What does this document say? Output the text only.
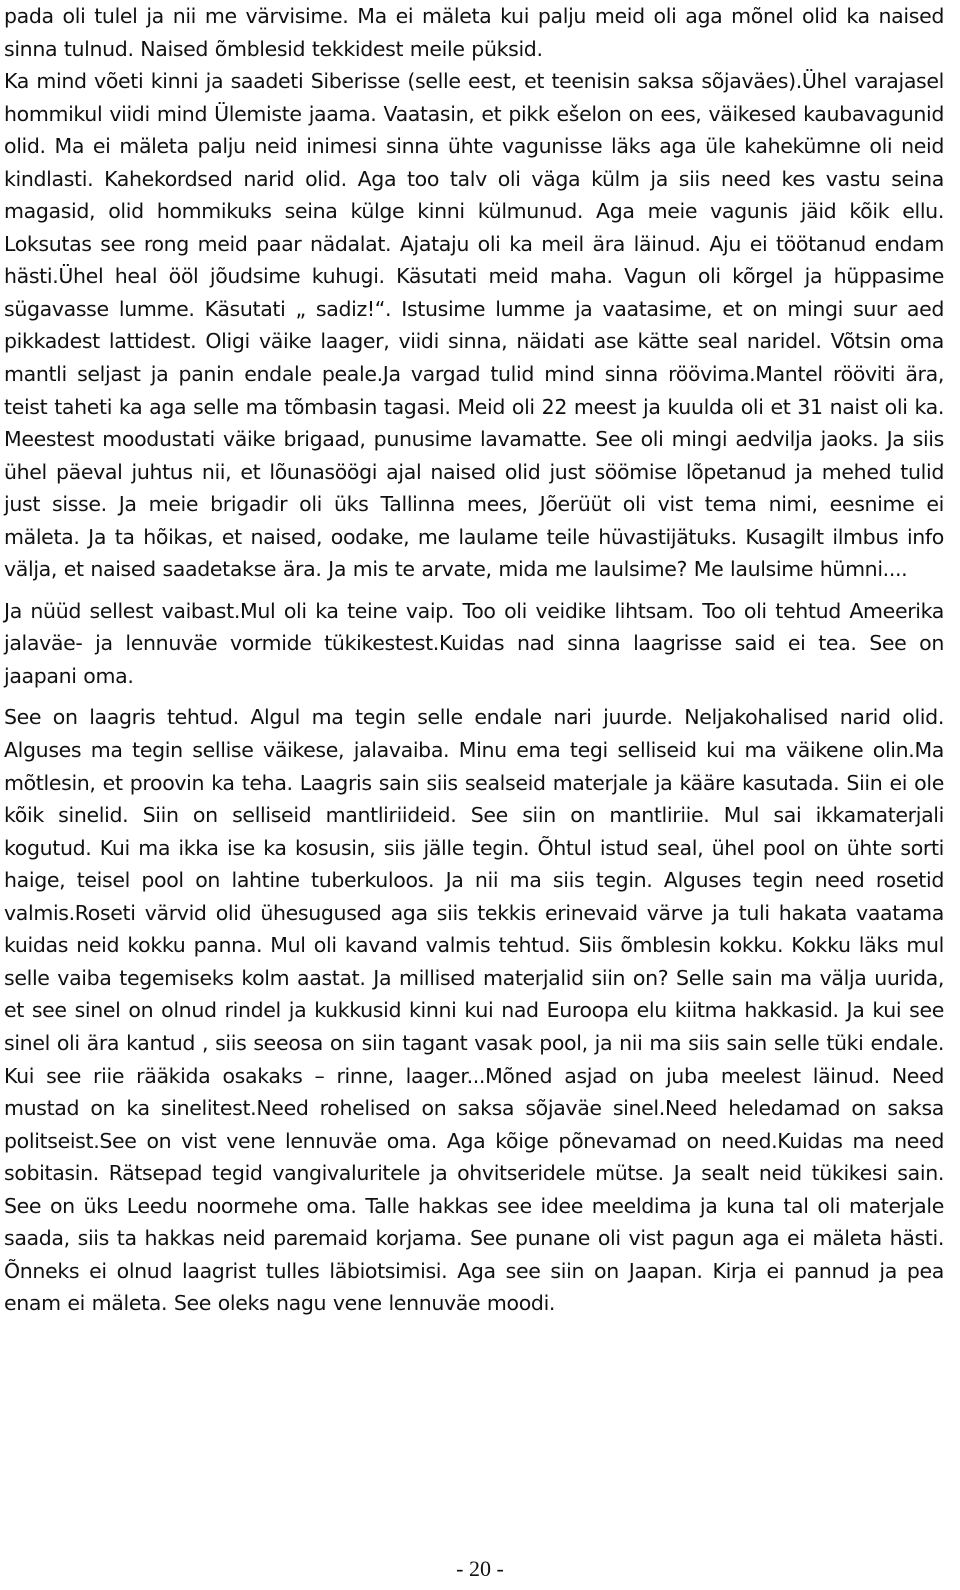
pada oli tulel ja nii me värvisime. Ma ei mäleta kui palju meid oli aga mõnel olid ka naised sinna tulnud. Naised õmblesid tekkidest meile püksid.

Ka mind võeti kinni ja saadeti Siberisse (selle eest, et teenisin saksa sõjaväes).Ühel varajasel hommikul viidi mind Ülemiste jaama. Vaatasin, et pikk ešelon on ees, väikesed kaubavagunid olid. Ma ei mäleta palju neid inimesi sinna ühte vagunisse läks aga üle kahekümne oli neid kindlasti. Kahekordsed narid olid. Aga too talv oli väga külm ja siis need kes vastu seina magasid, olid hommikuks seina külge kinni külmunud. Aga meie vagunis jäid kõik ellu. Loksutas see rong meid paar nädalat. Ajataju oli ka meil ära läinud. Aju ei töötanud endam hästi.Ühel heal ööl jõudsime kuhugi. Käsutati meid maha. Vagun oli kõrgel ja hüppasime sügavasse lumme. Käsutati „ sadiz!“. Istusime lumme ja vaatasime, et on mingi suur aed pikkadest lattidest. Oligi väike laager, viidi sinna, näidati ase kätte seal naridel. Võtsin oma mantli seljast ja panin endale peale.Ja vargad tulid mind sinna röövima.Mantel rööviti ära, teist taheti ka aga selle ma tõmbasin tagasi. Meid oli 22 meest ja kuulda oli et 31 naist oli ka. Meestest moodustati väike brigaad, punusime lavamatte. See oli mingi aedvilja jaoks. Ja siis ühel päeval juhtus nii, et lõunasöögi ajal naised olid just söömise lõpetanud ja mehed tulid just sisse. Ja meie brigadir oli üks Tallinna mees, Jõerüüt oli vist tema nimi, eesnime ei mäleta. Ja ta hõikas, et naised, oodake, me laulame teile hüvastijätuks. Kusagilt ilmbus info välja, et naised saadetakse ära. Ja mis te arvate, mida me laulsime? Me laulsime hümni....

Ja nüüd sellest vaibast.Mul oli ka teine vaip. Too oli veidike lihtsam. Too oli tehtud Ameerika jalaväe- ja lennuväe vormide tükikestest.Kuidas nad sinna laagrisse said ei tea. See on jaapani oma.

See on laagris tehtud. Algul ma tegin selle endale nari juurde. Neljakohalised narid olid. Alguses ma tegin sellise väikese, jalavaiba. Minu ema tegi selliseid kui ma väikene olin.Ma mõtlesin, et proovin ka teha. Laagris sain siis sealseid materjale ja kääre kasutada. Siin ei ole kõik sinelid. Siin on selliseid mantliriideid. See siin on mantliriie. Mul sai ikkamaterjali kogutud. Kui ma ikka ise ka kosusin, siis jälle tegin. Õhtul istud seal, ühel pool on ühte sorti haige, teisel pool on lahtine tuberkuloos. Ja nii ma siis tegin. Alguses tegin need rosetid valmis.Roseti värvid olid ühesugused aga siis tekkis erinevaid värve ja tuli hakata vaatama kuidas neid kokku panna. Mul oli kavand valmis tehtud. Siis õmblesin kokku. Kokku läks mul selle vaiba tegemiseks kolm aastat. Ja millised materjalid siin on? Selle sain ma välja uurida, et see sinel on olnud rindel ja kukkusid kinni kui nad Euroopa elu kiitma hakkasid. Ja kui see sinel oli ära kantud , siis seeosa on siin tagant vasak pool, ja nii ma siis sain selle tüki endale. Kui see riie rääkida osakaks – rinne, laager...Mõned asjad on juba meelest läinud. Need mustad on ka sinelitest.Need rohelised on saksa sõjaväe sinel.Need heledamad on saksa politseist.See on vist vene lennuväe oma. Aga kõige põnevamad on need.Kuidas ma need sobitasin. Rätsepad tegid vangivaluritele ja ohvitseridele mütse. Ja sealt neid tükikesi sain. See on üks Leedu noormehe oma. Talle hakkas see idee meeldima ja kuna tal oli materjale saada, siis ta hakkas neid paremaid korjama. See punane oli vist pagun aga ei mäleta hästi. Õnneks ei olnud laagrist tulles läbiotsimisi. Aga see siin on Jaapan. Kirja ei pannud ja pea enam ei mäleta. See oleks nagu vene lennuväe moodi.

- 20 -
